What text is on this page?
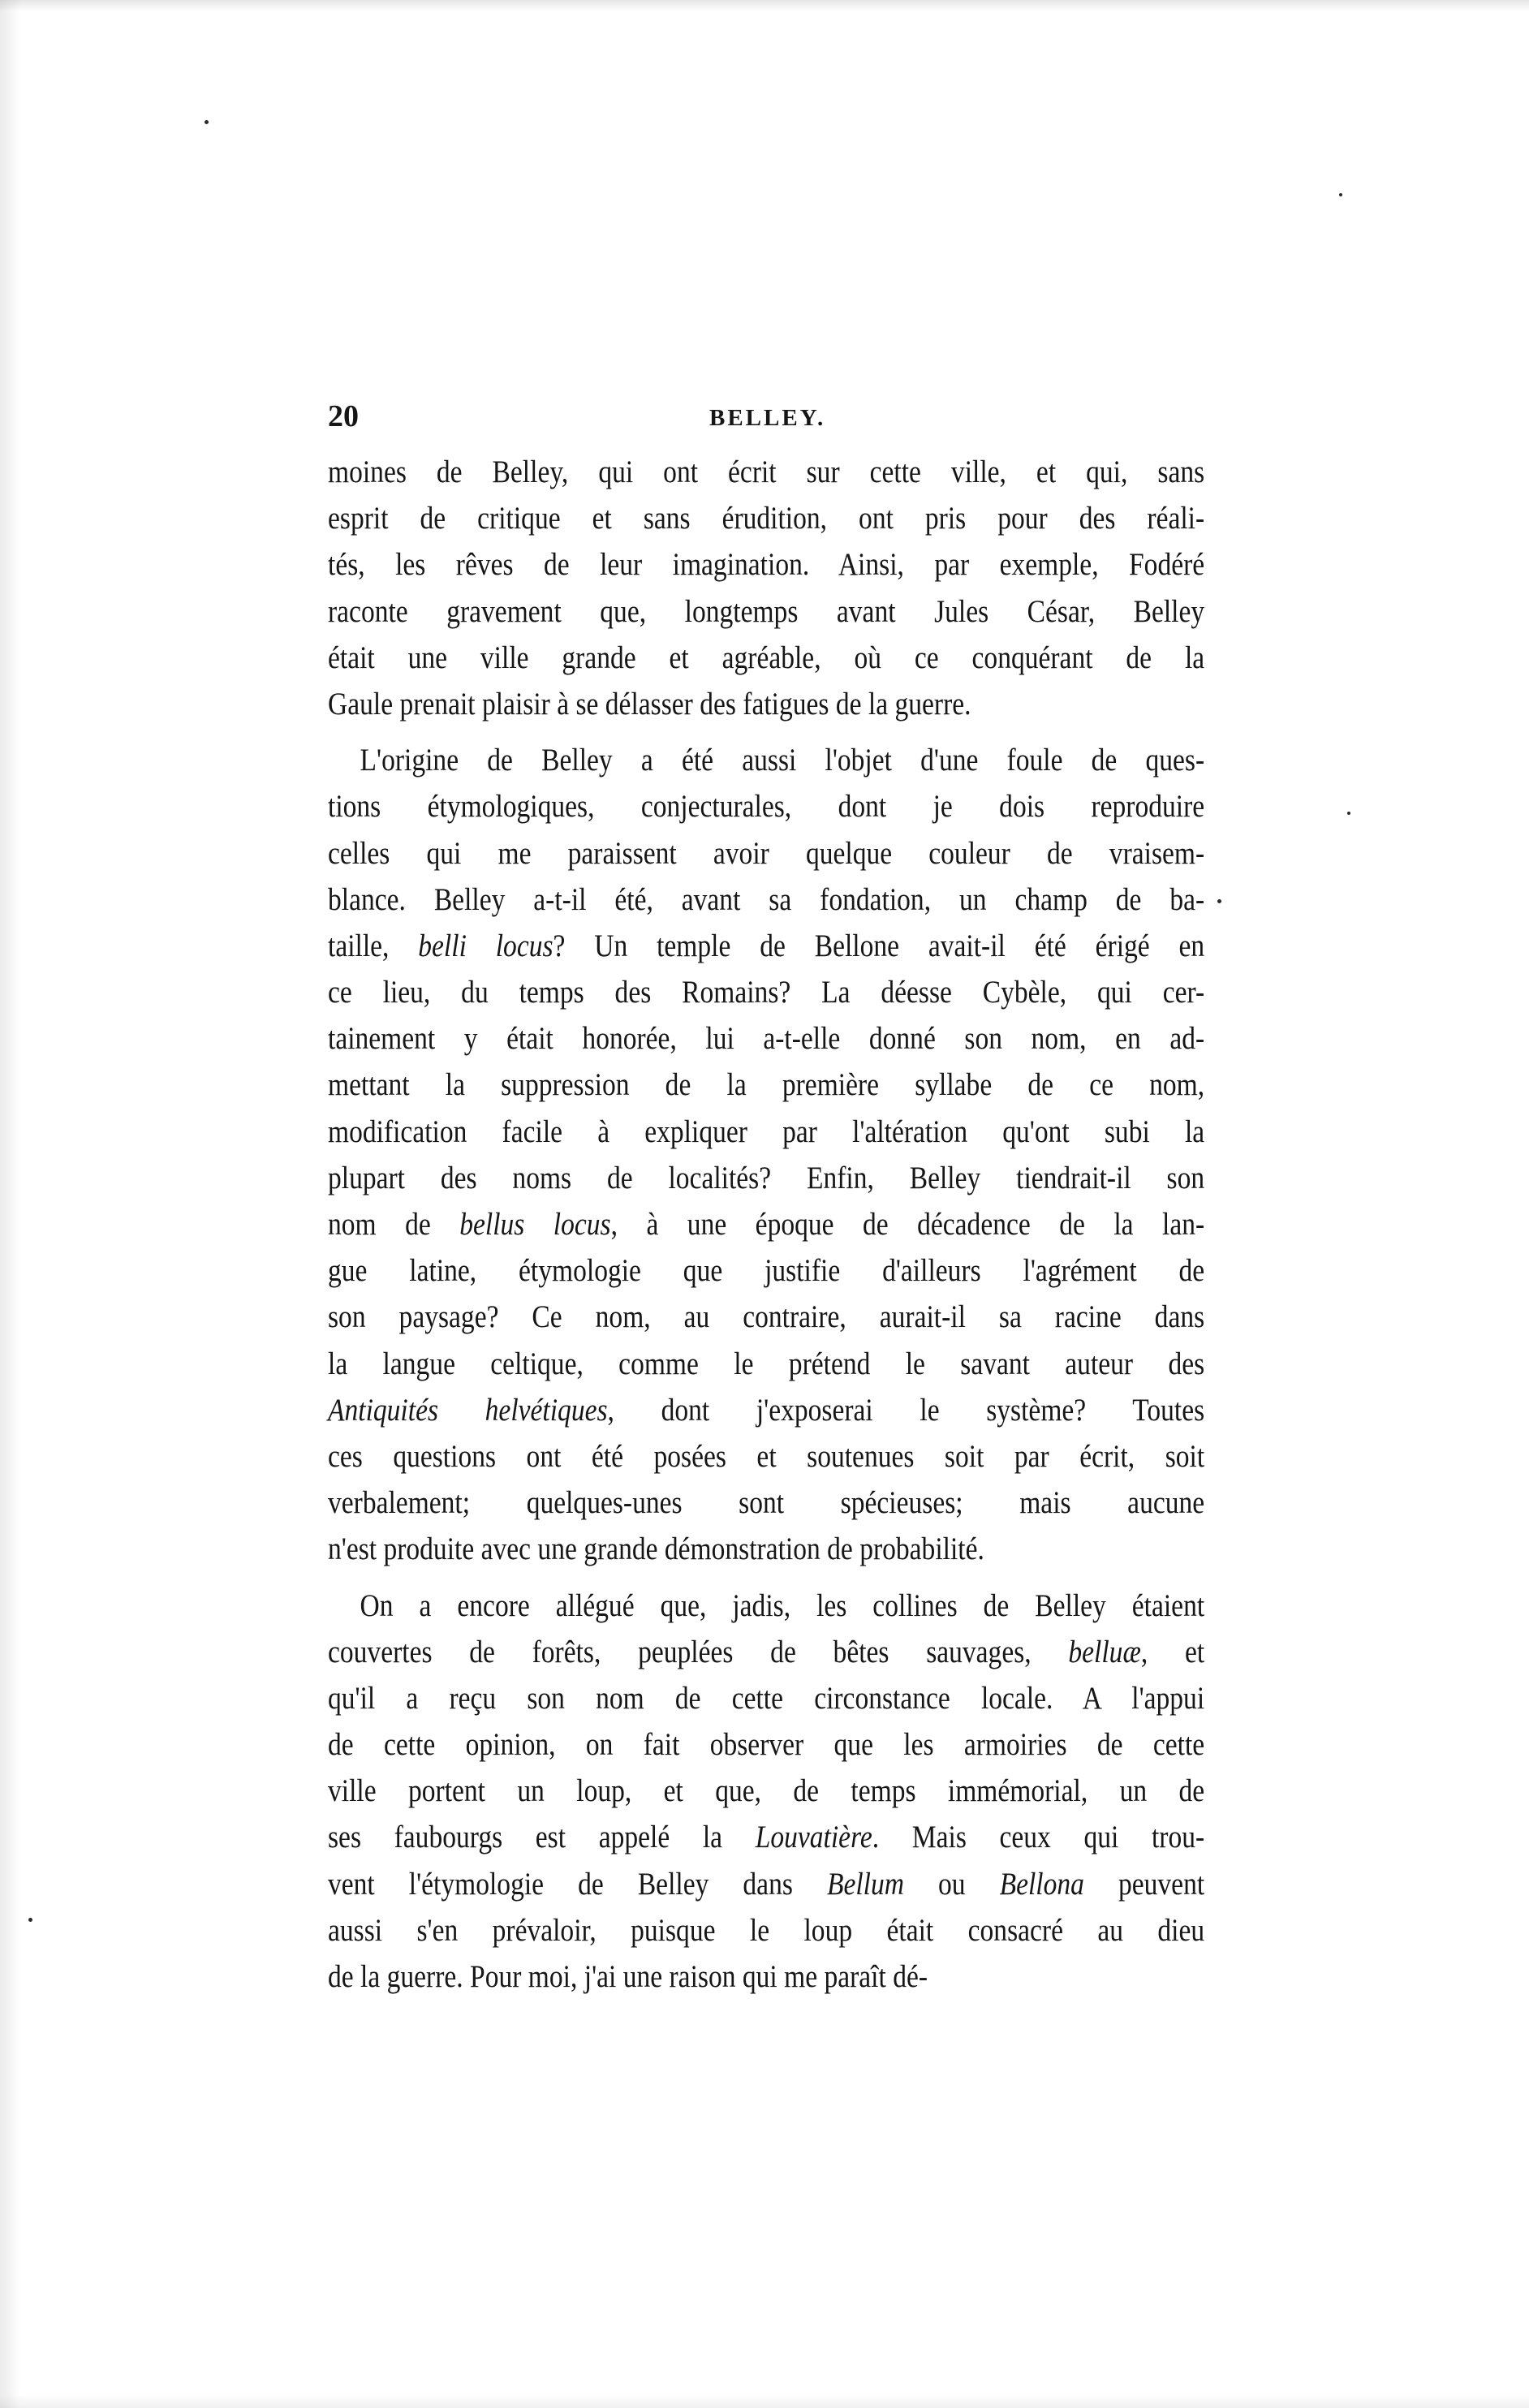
20	BELLEY.
moines de Belley, qui ont écrit sur cette ville, et qui, sans
esprit de critique et sans érudition, ont pris pour des réali-
tés, les rêves de leur imagination. Ainsi, par exemple, Fodéré
raconte gravement que, longtemps avant Jules César, Belley
était une ville grande et agréable, où ce conquérant de la
Gaule prenait plaisir à se délasser des fatigues de la guerre.
L'origine de Belley a été aussi l'objet d'une foule de ques-
tions étymologiques, conjecturales, dont je dois reproduire
celles qui me paraissent avoir quelque couleur de vraisem-
blance. Belley a-t-il été, avant sa fondation, un champ de ba-
taille, belli locus? Un temple de Bellone avait-il été érigé en
ce lieu, du temps des Romains? La déesse Cybèle, qui cer-
tainement y était honorée, lui a-t-elle donné son nom, en ad-
mettant la suppression de la première syllabe de ce nom,
modification facile à expliquer par l'altération qu'ont subi la
plupart des noms de localités? Enfin, Belley tiendrait-il son
nom de bellus locus, à une époque de décadence de la lan-
gue latine, étymologie que justifie d'ailleurs l'agrément de
son paysage? Ce nom, au contraire, aurait-il sa racine dans
la langue celtique, comme le prétend le savant auteur des
Antiquités helvétiques, dont j'exposerai le système? Toutes
ces questions ont été posées et soutenues soit par écrit, soit
verbalement; quelques-unes sont spécieuses; mais aucune
n'est produite avec une grande démonstration de probabilité.
On a encore allégué que, jadis, les collines de Belley étaient
couvertes de forêts, peuplées de bêtes sauvages, belluæ, et
qu'il a reçu son nom de cette circonstance locale. A l'appui
de cette opinion, on fait observer que les armoiries de cette
ville portent un loup, et que, de temps immémorial, un de
ses faubourgs est appelé la Louvatière. Mais ceux qui trou-
vent l'étymologie de Belley dans Bellum ou Bellona peuvent
aussi s'en prévaloir, puisque le loup était consacré au dieu
de la guerre. Pour moi, j'ai une raison qui me paraît dé-
